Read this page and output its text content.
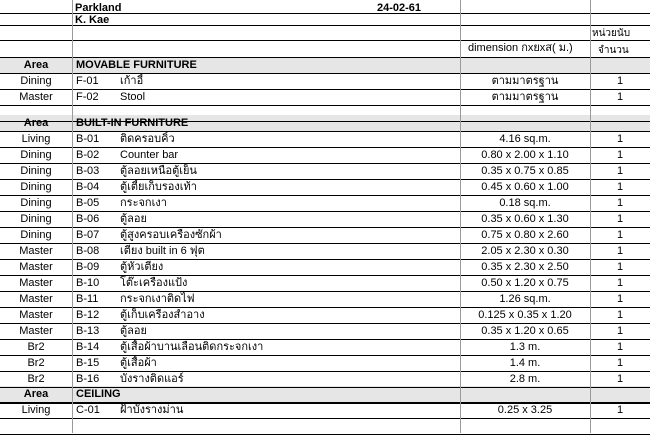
Parkland
K. Kae
24-02-61
หน่วยนับ
dimension กxยxส( ม.)	จำนวน
Area	MOVABLE FURNITURE
Dining	F-01	เก้าอี้	ตามมาตรฐาน	1
Master	F-02	Stool	ตามมาตรฐาน	1
Area	BUILT-IN FURNITURE
Living	B-01	ติดครอบคิ้ว	4.16 sq.m.	1
Dining	B-02	Counter bar	0.80 x 2.00 x 1.10	1
Dining	B-03	ตู้ลอยเหนือตู้เย็น	0.35 x 0.75 x 0.85	1
Dining	B-04	ตู้เตี้ยเก็บรองเท้า	0.45 x 0.60 x 1.00	1
Dining	B-05	กระจกเงา	0.18 sq.m.	1
Dining	B-06	ตู้ลอย	0.35 x 0.60 x 1.30	1
Dining	B-07	ตู้สูงครอบเครื่องซักผ้า	0.75 x 0.80 x 2.60	1
Master	B-08	เตียง built in 6 ฟุต	2.05 x 2.30 x 0.30	1
Master	B-09	ตู้หัวเตียง	0.35 x 2.30 x 2.50	1
Master	B-10	โต๊ะเครื่องแป้ง	0.50 x 1.20 x 0.75	1
Master	B-11	กระจกเงาติดไฟ	1.26 sq.m.	1
Master	B-12	ตู้เก็บเครื่องสำอาง	0.125 x 0.35 x 1.20	1
Master	B-13	ตู้ลอย	0.35 x 1.20 x 0.65	1
Br2	B-14	ตู้เสื้อผ้าบานเลื่อนติดกระจกเงา	1.3 m.	1
Br2	B-15	ตู้เสื้อผ้า	1.4 m.	1
Br2	B-16	บังรางติดแอร์	2.8 m.	1
Area	CEILING
Living	C-01	ฝ้าบังรางม่าน	0.25 x 3.25	1
